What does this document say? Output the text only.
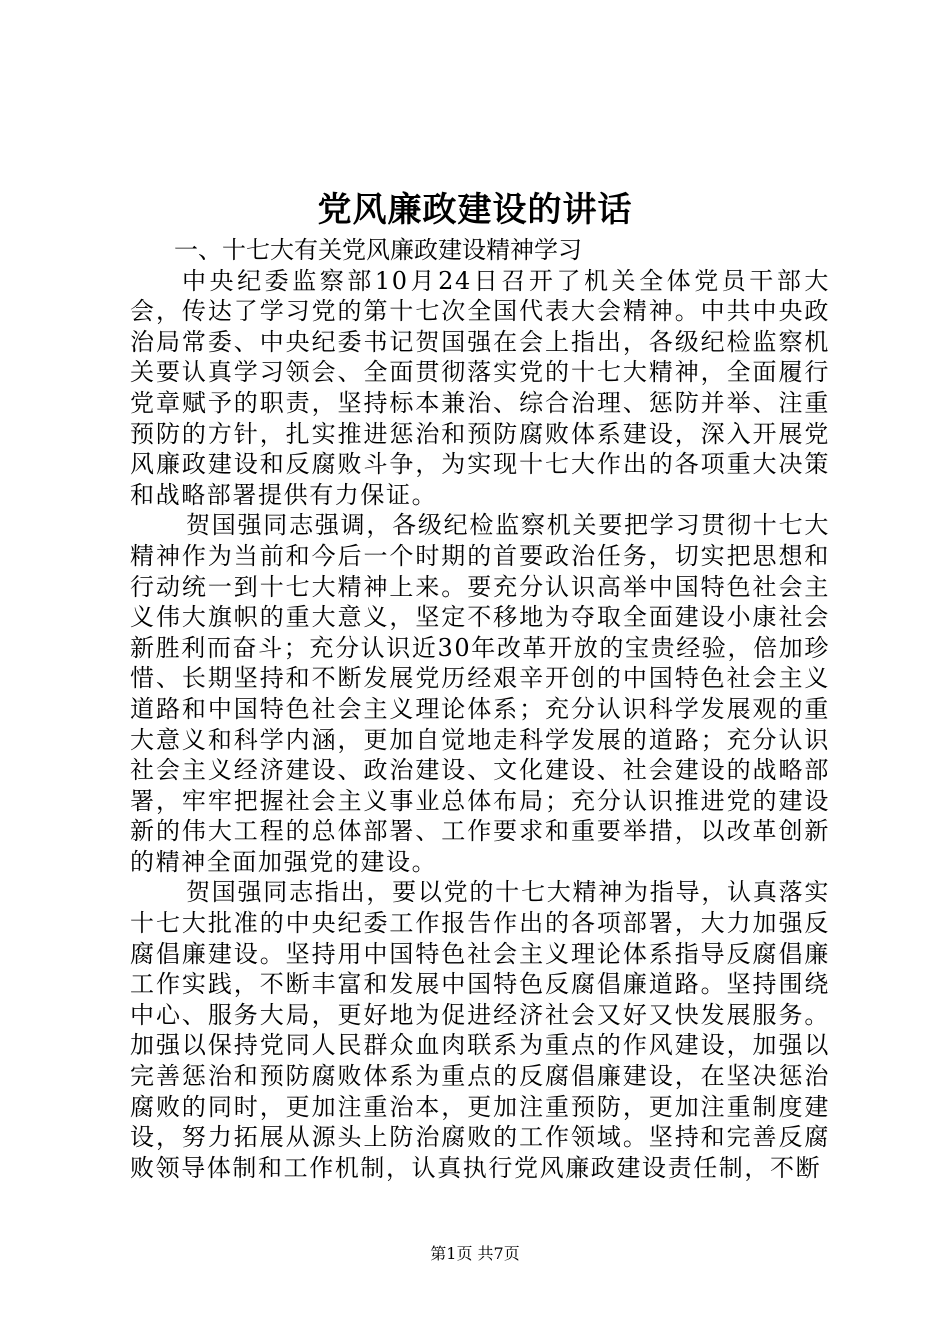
党风廉政建设的讲话

一、十七大有关党风廉政建设精神学习

中央纪委监察部10月24日召开了机关全体党员干部大会，传达了学习党的第十七次全国代表大会精神。中共中央政治局常委、中央纪委书记贺国强在会上指出，各级纪检监察机关要认真学习领会、全面贯彻落实党的十七大精神，全面履行党章赋予的职责，坚持标本兼治、综合治理、惩防并举、注重预防的方针，扎实推进惩治和预防腐败体系建设，深入开展党风廉政建设和反腐败斗争，为实现十七大作出的各项重大决策和战略部署提供有力保证。

贺国强同志强调，各级纪检监察机关要把学习贯彻十七大精神作为当前和今后一个时期的首要政治任务，切实把思想和行动统一到十七大精神上来。要充分认识高举中国特色社会主义伟大旗帜的重大意义，坚定不移地为夺取全面建设小康社会新胜利而奋斗；充分认识近30年改革开放的宝贵经验，倍加珍惜、长期坚持和不断发展党历经艰辛开创的中国特色社会主义道路和中国特色社会主义理论体系；充分认识科学发展观的重大意义和科学内涵，更加自觉地走科学发展的道路；充分认识社会主义经济建设、政治建设、文化建设、社会建设的战略部署，牢牢把握社会主义事业总体布局；充分认识推进党的建设新的伟大工程的总体部署、工作要求和重要举措，以改革创新的精神全面加强党的建设。

贺国强同志指出，要以党的十七大精神为指导，认真落实十七大批准的中央纪委工作报告作出的各项部署，大力加强反腐倡廉建设。坚持用中国特色社会主义理论体系指导反腐倡廉工作实践，不断丰富和发展中国特色反腐倡廉道路。坚持围绕中心、服务大局，更好地为促进经济社会又好又快发展服务。加强以保持党同人民群众血肉联系为重点的作风建设，加强以完善惩治和预防腐败体系为重点的反腐倡廉建设，在坚决惩治腐败的同时，更加注重治本，更加注重预防，更加注重制度建设，努力拓展从源头上防治腐败的工作领域。坚持和完善反腐败领导体制和工作机制，认真执行党风廉政建设责任制，不断

第1页 共7页
